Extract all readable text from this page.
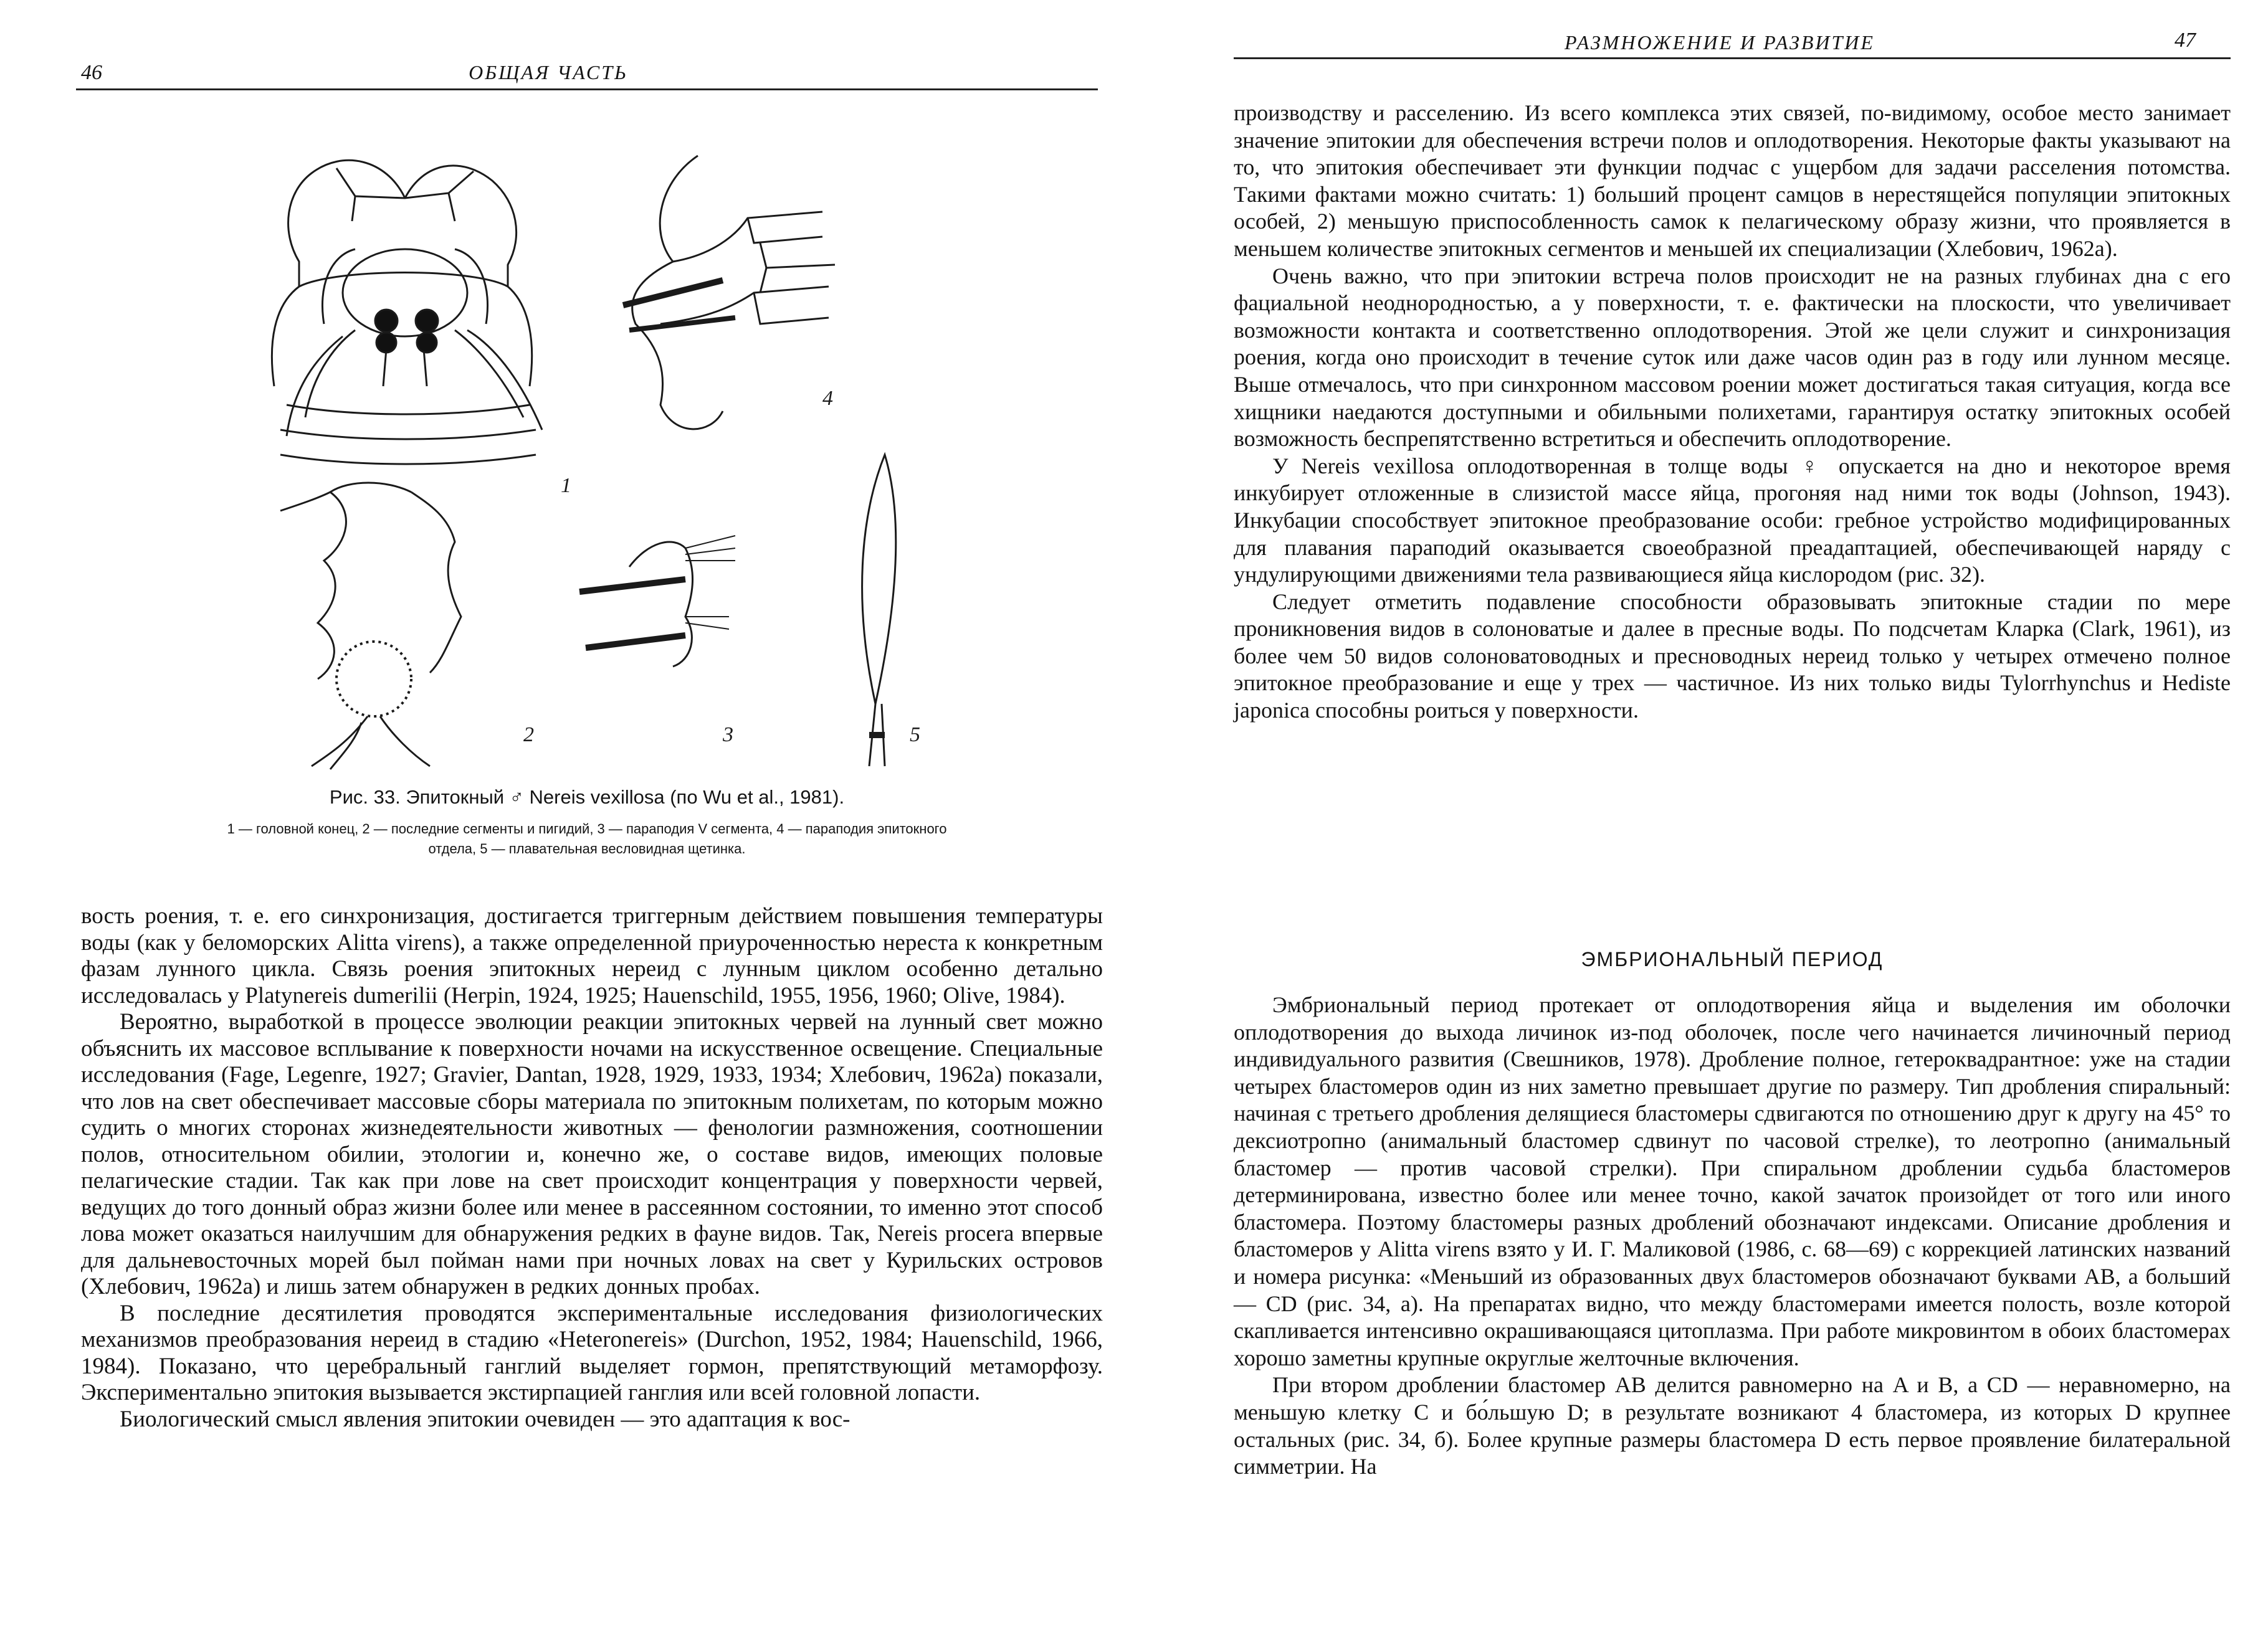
46	ОБЩАЯ ЧАСТЬ
1
2	3
4
5
Рис. 33. Эпитокный ♂ Nereis vexillosa (по Wu et al., 1981).
1 — головной конец, 2 — последние сегменты и пигидий, 3 — параподия V сегмента, 4 — параподия эпитокного
отдела, 5 — плавательная весловидная щетинка.

вость роения, т. е. его синхронизация, достигается триггерным действием повышения температуры воды (как у беломорских Alitta virens), а также определенной приуроченностью нереста к конкретным фазам лунного цикла. Связь роения эпитокных нереид с лунным циклом особенно детально исследовалась у Platynereis dumerilii (Herpin, 1924, 1925; Hauenschild, 1955, 1956, 1960; Olive, 1984).

Вероятно, выработкой в процессе эволюции реакции эпитокных червей на лунный свет можно объяснить их массовое всплывание к поверхности ночами на искусственное освещение. Специальные исследования (Fage, Legenre, 1927; Gravier, Dantan, 1928, 1929, 1933, 1934; Хлебович, 1962a) показали, что лов на свет обеспечивает массовые сборы материала по эпитокным полихетам, по которым можно судить о многих сторонах жизнедеятельности животных — фенологии размножения, соотношении полов, относительном обилии, этологии и, конечно же, о составе видов, имеющих половые пелагические стадии. Так как при лове на свет происходит концентрация у поверхности червей, ведущих до того донный образ жизни более или менее в рассеянном состоянии, то именно этот способ лова может оказаться наилучшим для обнаружения редких в фауне видов. Так, Nereis procera впервые для дальневосточных морей был пойман нами при ночных ловах на свет у Курильских островов (Хлебович, 1962a) и лишь затем обнаружен в редких донных пробах.

В последние десятилетия проводятся экспериментальные исследования физиологических механизмов преобразования нереид в стадию «Heteronereis» (Durchon, 1952, 1984; Hauenschild, 1966, 1984). Показано, что церебральный ганглий выделяет гормон, препятствующий метаморфозу. Экспериментально эпитокия вызывается экстирпацией ганглия или всей головной лопасти.

Биологический смысл явления эпитокии очевиден — это адаптация к вос-

РАЗМНОЖЕНИЕ И РАЗВИТИЕ	47

производству и расселению. Из всего комплекса этих связей, по-видимому, особое место занимает значение эпитокии для обеспечения встречи полов и оплодотворения. Некоторые факты указывают на то, что эпитокия обеспечивает эти функции подчас с ущербом для задачи расселения потомства. Такими фактами можно считать: 1) больший процент самцов в нерестящейся популяции эпитокных особей, 2) меньшую приспособленность самок к пелагическому образу жизни, что проявляется в меньшем количестве эпитокных сегментов и меньшей их специализации (Хлебович, 1962a).

Очень важно, что при эпитокии встреча полов происходит не на разных глубинах дна с его фациальной неоднородностью, а у поверхности, т. е. фактически на плоскости, что увеличивает возможности контакта и соответственно оплодотворения. Этой же цели служит и синхронизация роения, когда оно происходит в течение суток или даже часов один раз в году или лунном месяце. Выше отмечалось, что при синхронном массовом роении может достигаться такая ситуация, когда все хищники наедаются доступными и обильными полихетами, гарантируя остатку эпитокных особей возможность беспрепятственно встретиться и обеспечить оплодотворение.

У Nereis vexillosa оплодотворенная в толще воды ♀ опускается на дно и некоторое время инкубирует отложенные в слизистой массе яйца, прогоняя над ними ток воды (Johnson, 1943). Инкубации способствует эпитокное преобразование особи: гребное устройство модифицированных для плавания параподий оказывается своеобразной преадаптацией, обеспечивающей наряду с ундулирующими движениями тела развивающиеся яйца кислородом (рис. 32).

Следует отметить подавление способности образовывать эпитокные стадии по мере проникновения видов в солоноватые и далее в пресные воды. По подсчетам Кларка (Clark, 1961), из более чем 50 видов солоноватоводных и пресноводных нереид только у четырех отмечено полное эпитокное преобразование и еще у трех — частичное. Из них только виды Tylorrhynchus и Hediste japonica способны роиться у поверхности.

ЭМБРИОНАЛЬНЫЙ ПЕРИОД

Эмбриональный период протекает от оплодотворения яйца и выделения им оболочки оплодотворения до выхода личинок из-под оболочек, после чего начинается личиночный период индивидуального развития (Свешников, 1978). Дробление полное, гетероквадрантное: уже на стадии четырех бластомеров один из них заметно превышает другие по размеру. Тип дробления спиральный: начиная с третьего дробления делящиеся бластомеры сдвигаются по отношению друг к другу на 45° то дексиотропно (анимальный бластомер сдвинут по часовой стрелке), то леотропно (анимальный бластомер — против часовой стрелки). При спиральном дроблении судьба бластомеров детерминирована, известно более или менее точно, какой зачаток произойдет от того или иного бластомера. Поэтому бластомеры разных дроблений обозначают индексами. Описание дробления и бластомеров у Alitta virens взято у И. Г. Маликовой (1986, с. 68—69) с коррекцией латинских названий и номера рисунка: «Меньший из образованных двух бластомеров обозначают буквами AB, а больший — CD (рис. 34, а). На препаратах видно, что между бластомерами имеется полость, возле которой скапливается интенсивно окрашивающаяся цитоплазма. При работе микровинтом в обоих бластомерах хорошо заметны крупные округлые желточные включения.

При втором дроблении бластомер AB делится равномерно на A и B, а CD — неравномерно, на меньшую клетку C и бо́льшую D; в результате возникают 4 бластомера, из которых D крупнее остальных (рис. 34, б). Более крупные размеры бластомера D есть первое проявление билатеральной симметрии. На
